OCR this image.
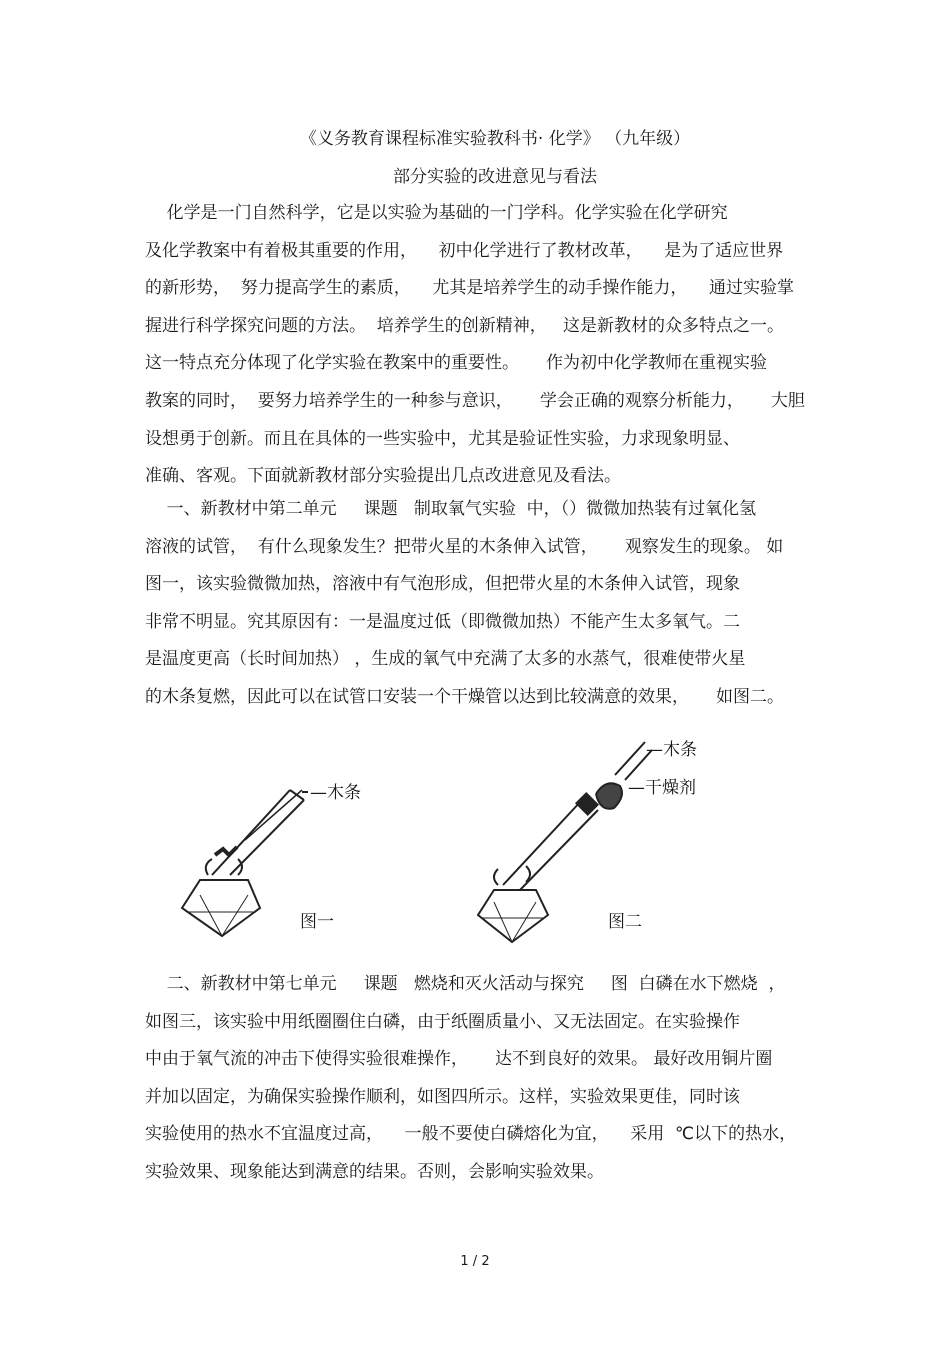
《义务教育课程标准实验教科书· 化学》 （九年级）
部分实验的改进意见与看法
化学是一门自然科学，它是以实验为基础的一门学科。化学实验在化学研究
及化学教案中有着极其重要的作用，    初中化学进行了教材改革，    是为了适应世界
的新形势，  努力提高学生的素质，    尤其是培养学生的动手操作能力，    通过实验掌
握进行科学探究问题的方法。  培养学生的创新精神，   这是新教材的众多特点之一。
这一特点充分体现了化学实验在教案中的重要性。     作为初中化学教师在重视实验
教案的同时，  要努力培养学生的一种参与意识，     学会正确的观察分析能力，     大胆
设想勇于创新。而且在具体的一些实验中，尤其是验证性实验，力求现象明显、
准确、客观。下面就新教材部分实验提出几点改进意见及看法。
一、新教材中第二单元     课题   制取氧气实验  中，（）微微加热装有过氧化氢
溶液的试管，  有什么现象发生？把带火星的木条伸入试管，     观察发生的现象。 如
图一，该实验微微加热，溶液中有气泡形成，但把带火星的木条伸入试管，现象
非常不明显。究其原因有：一是温度过低（即微微加热）不能产生太多氧气。二
是温度更高（长时间加热） ，生成的氧气中充满了太多的水蒸气，很难使带火星
的木条复燃，因此可以在试管口安装一个干燥管以达到比较满意的效果，     如图二。
—木条
图一
—木条
—干燥剂
图二
二、新教材中第七单元     课题   燃烧和灭火活动与探究     图  白磷在水下燃烧  ，
如图三，该实验中用纸圈圈住白磷，由于纸圈质量小、又无法固定。在实验操作
中由于氧气流的冲击下使得实验很难操作，     达不到良好的效果。 最好改用铜片圈
并加以固定，为确保实验操作顺利，如图四所示。这样，实验效果更佳，同时该
实验使用的热水不宜温度过高，    一般不要使白磷熔化为宜，    采用  ℃以下的热水，
实验效果、现象能达到满意的结果。否则，会影响实验效果。
1 / 2
